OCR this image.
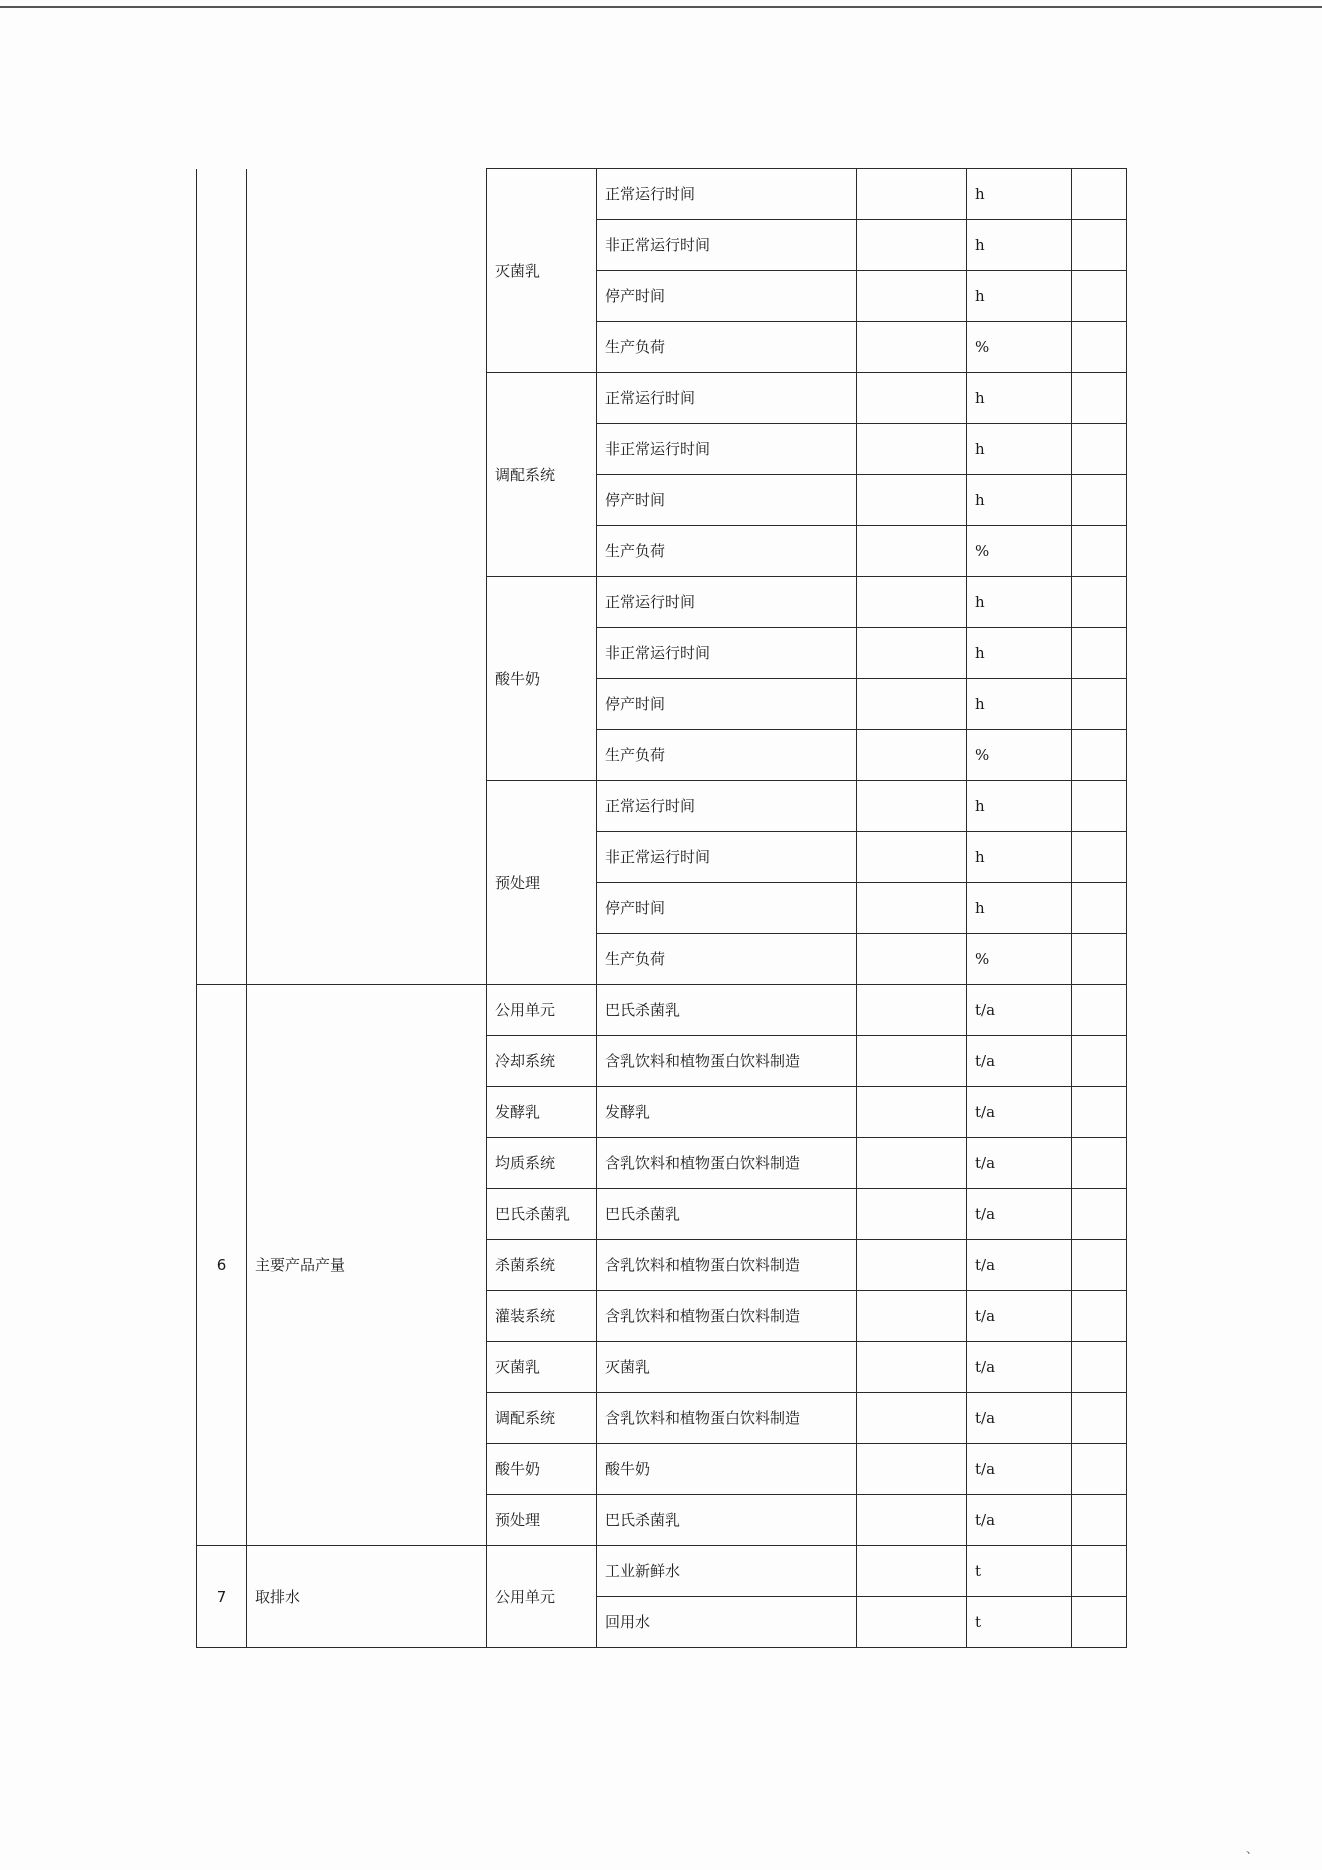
		灭菌乳	正常运行时间		h	
			非正常运行时间		h	
			停产时间		h	
			生产负荷		%	
		调配系统	正常运行时间		h	
			非正常运行时间		h	
			停产时间		h	
			生产负荷		%	
		酸牛奶	正常运行时间		h	
			非正常运行时间		h	
			停产时间		h	
			生产负荷		%	
		预处理	正常运行时间		h	
			非正常运行时间		h	
			停产时间		h	
			生产负荷		%	
6	主要产品产量	公用单元	巴氏杀菌乳		t/a	
		冷却系统	含乳饮料和植物蛋白饮料制造		t/a	
		发酵乳	发酵乳		t/a	
		均质系统	含乳饮料和植物蛋白饮料制造		t/a	
		巴氏杀菌乳	巴氏杀菌乳		t/a	
		杀菌系统	含乳饮料和植物蛋白饮料制造		t/a	
		灌装系统	含乳饮料和植物蛋白饮料制造		t/a	
		灭菌乳	灭菌乳		t/a	
		调配系统	含乳饮料和植物蛋白饮料制造		t/a	
		酸牛奶	酸牛奶		t/a	
		预处理	巴氏杀菌乳		t/a	
7	取排水	公用单元	工业新鲜水		t	
			回用水		t	
、
